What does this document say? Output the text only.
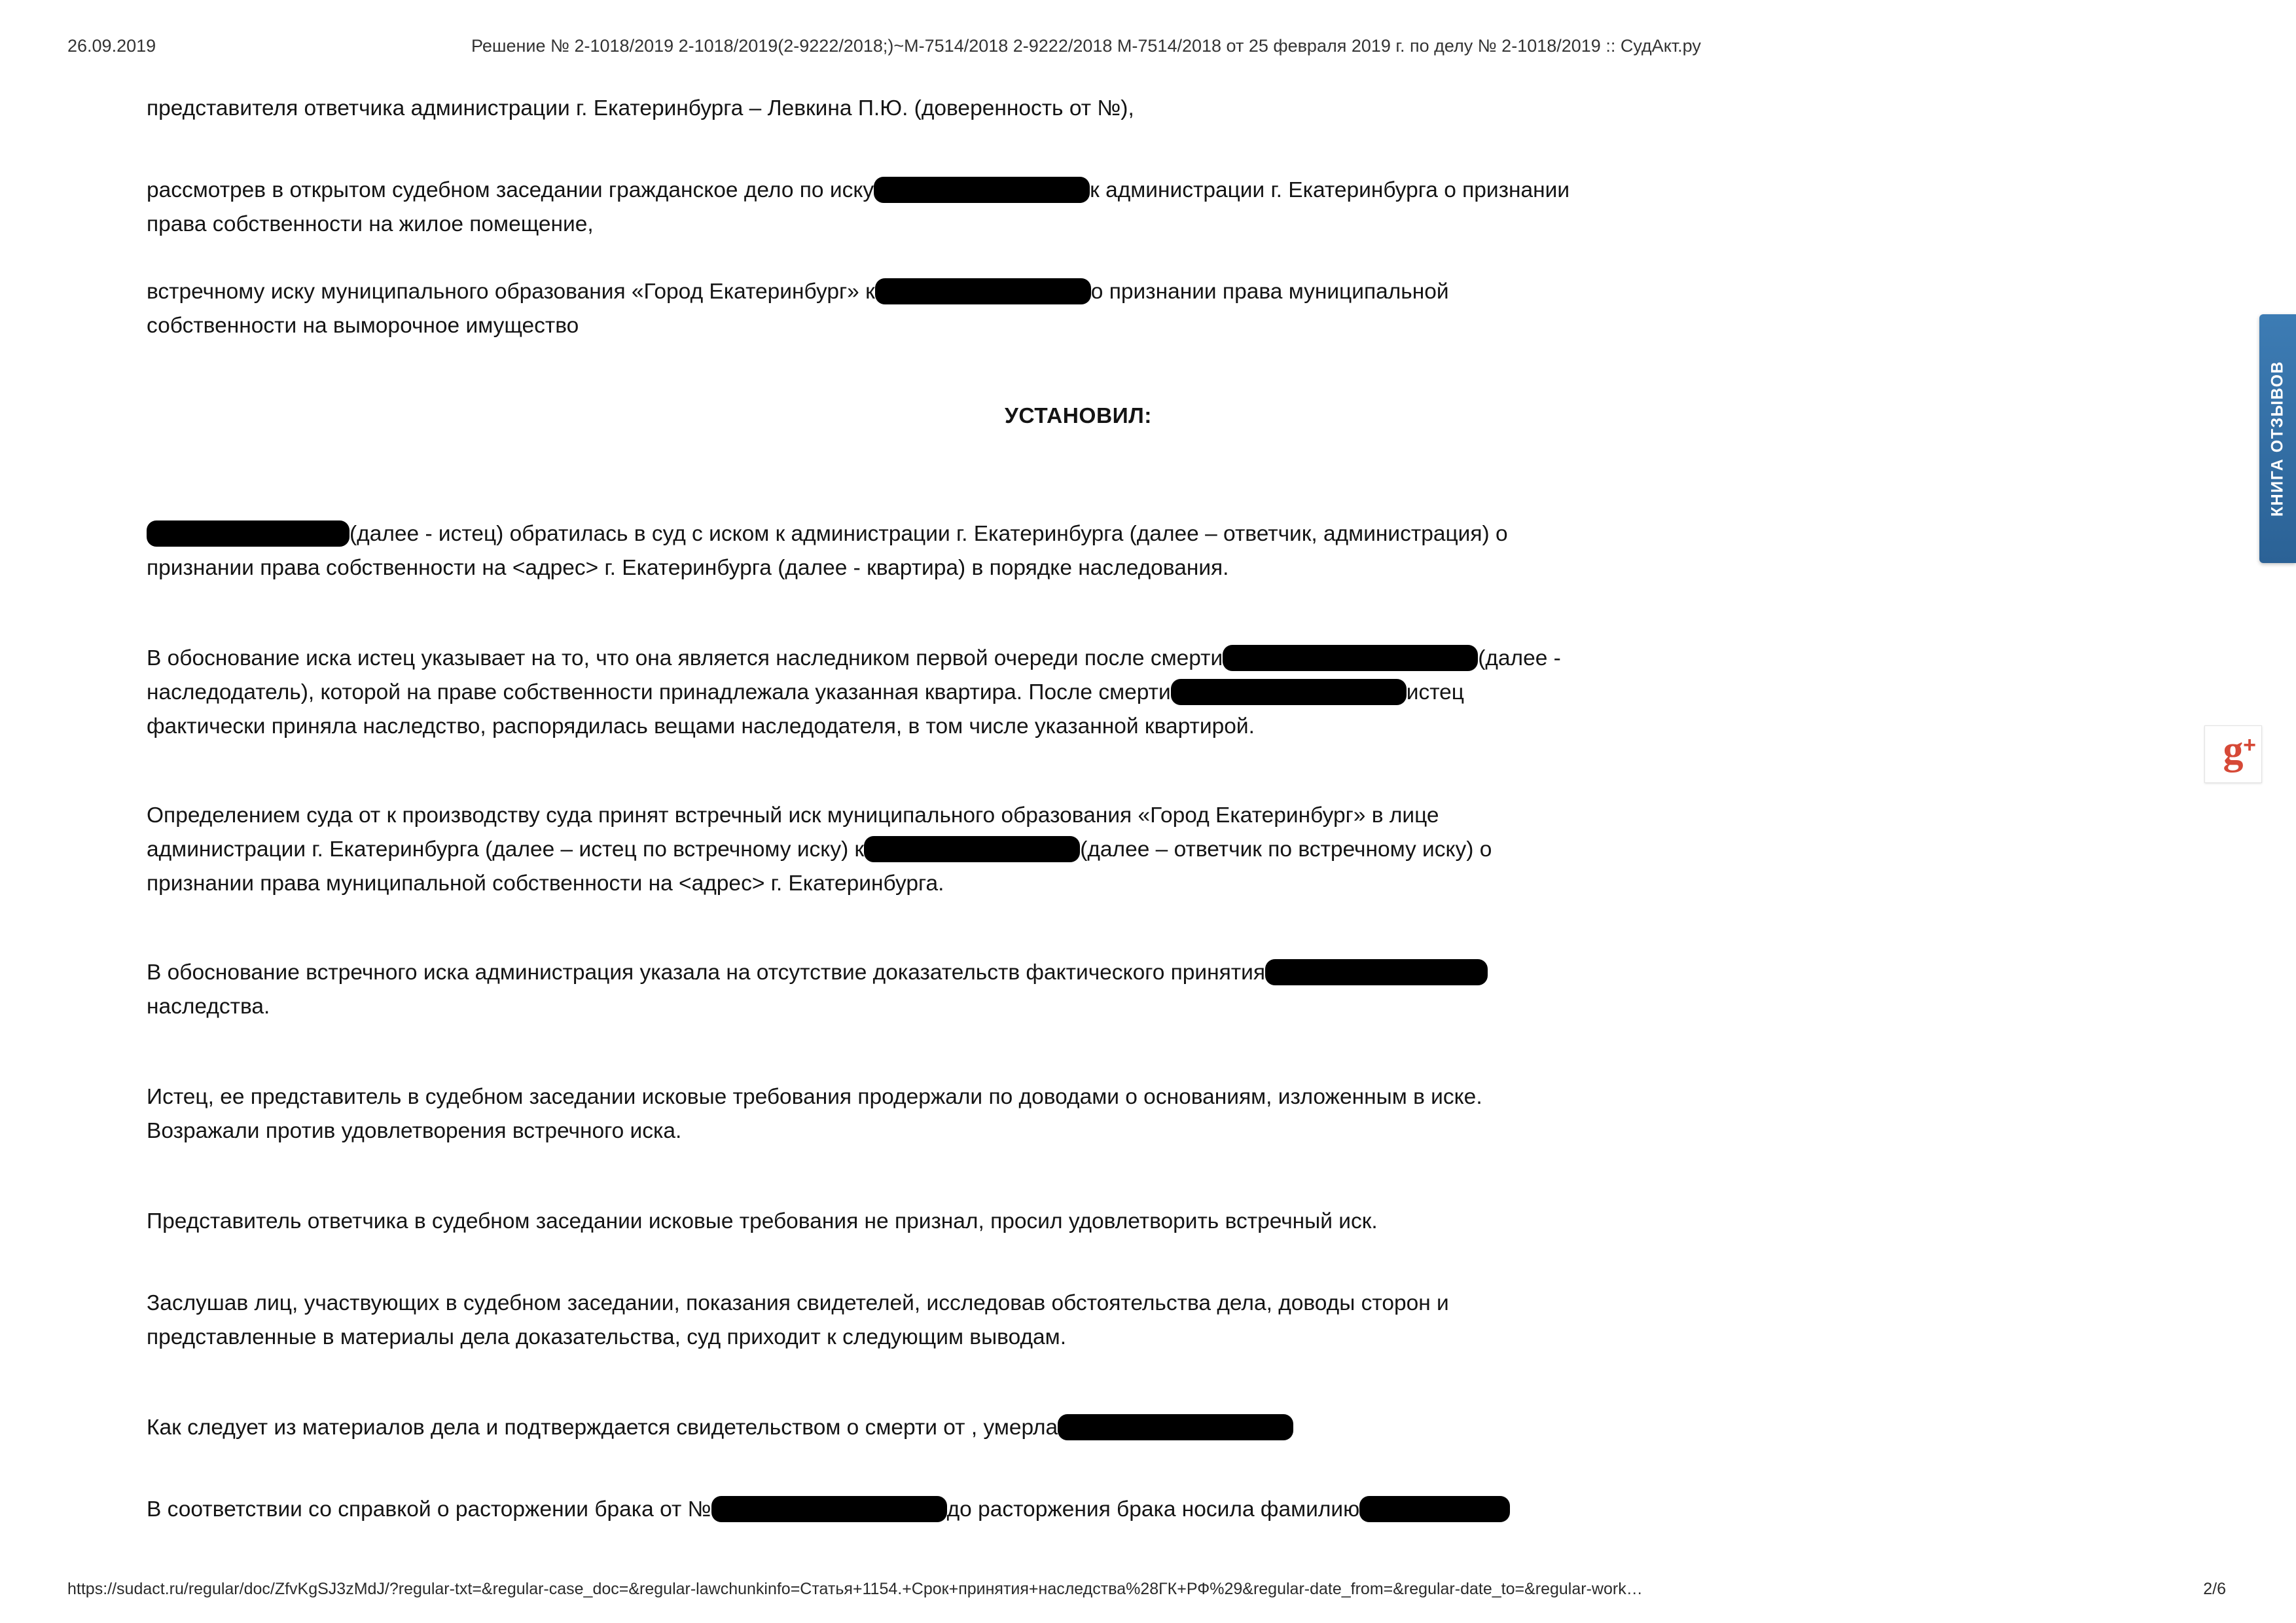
26.09.2019	Решение № 2-1018/2019 2-1018/2019(2-9222/2018;)~М-7514/2018 2-9222/2018 М-7514/2018 от 25 февраля 2019 г. по делу № 2-1018/2019 :: СудАкт.ру
представителя ответчика администрации г. Екатеринбурга – Левкина П.Ю. (доверенность от №),
рассмотрев в открытом судебном заседании гражданское дело по иску	к администрации г. Екатеринбурга о признании
права собственности на жилое помещение,
встречному иску муниципального образования «Город Екатеринбург» к	о признании права муниципальной
собственности на выморочное имущество
УСТАНОВИЛ:
(далее - истец) обратилась в суд с иском к администрации г. Екатеринбурга (далее – ответчик, администрация) о
признании права собственности на <адрес> г. Екатеринбурга (далее - квартира) в порядке наследования.
В обоснование иска истец указывает на то, что она является наследником первой очереди после смерти	(далее -
наследодатель), которой на праве собственности принадлежала указанная квартира. После смерти	истец
фактически приняла наследство, распорядилась вещами наследодателя, в том числе указанной квартирой.
Определением суда от к производству суда принят встречный иск муниципального образования «Город Екатеринбург» в лице
администрации г. Екатеринбурга (далее – истец по встречному иску) к	(далее – ответчик по встречному иску) о
признании права муниципальной собственности на <адрес> г. Екатеринбурга.
В обоснование встречного иска администрация указала на отсутствие доказательств фактического принятия
наследства.
Истец, ее представитель в судебном заседании исковые требования продержали по доводами о основаниям, изложенным в иске.
Возражали против удовлетворения встречного иска.
Представитель ответчика в судебном заседании исковые требования не признал, просил удовлетворить встречный иск.
Заслушав лиц, участвующих в судебном заседании, показания свидетелей, исследовав обстоятельства дела, доводы сторон и
представленные в материалы дела доказательства, суд приходит к следующим выводам.
Как следует из материалов дела и подтверждается свидетельством о смерти от , умерла
В соответствии со справкой о расторжении брака от №	до расторжения брака носила фамилию
КНИГА ОТЗЫВОВ
g +
https://sudact.ru/regular/doc/ZfvKgSJ3zMdJ/?regular-txt=&regular-case_doc=&regular-lawchunkinfo=Статья+1154.+Срок+принятия+наследства%28ГК+РФ%29&regular-date_from=&regular-date_to=&regular-work…	2/6
